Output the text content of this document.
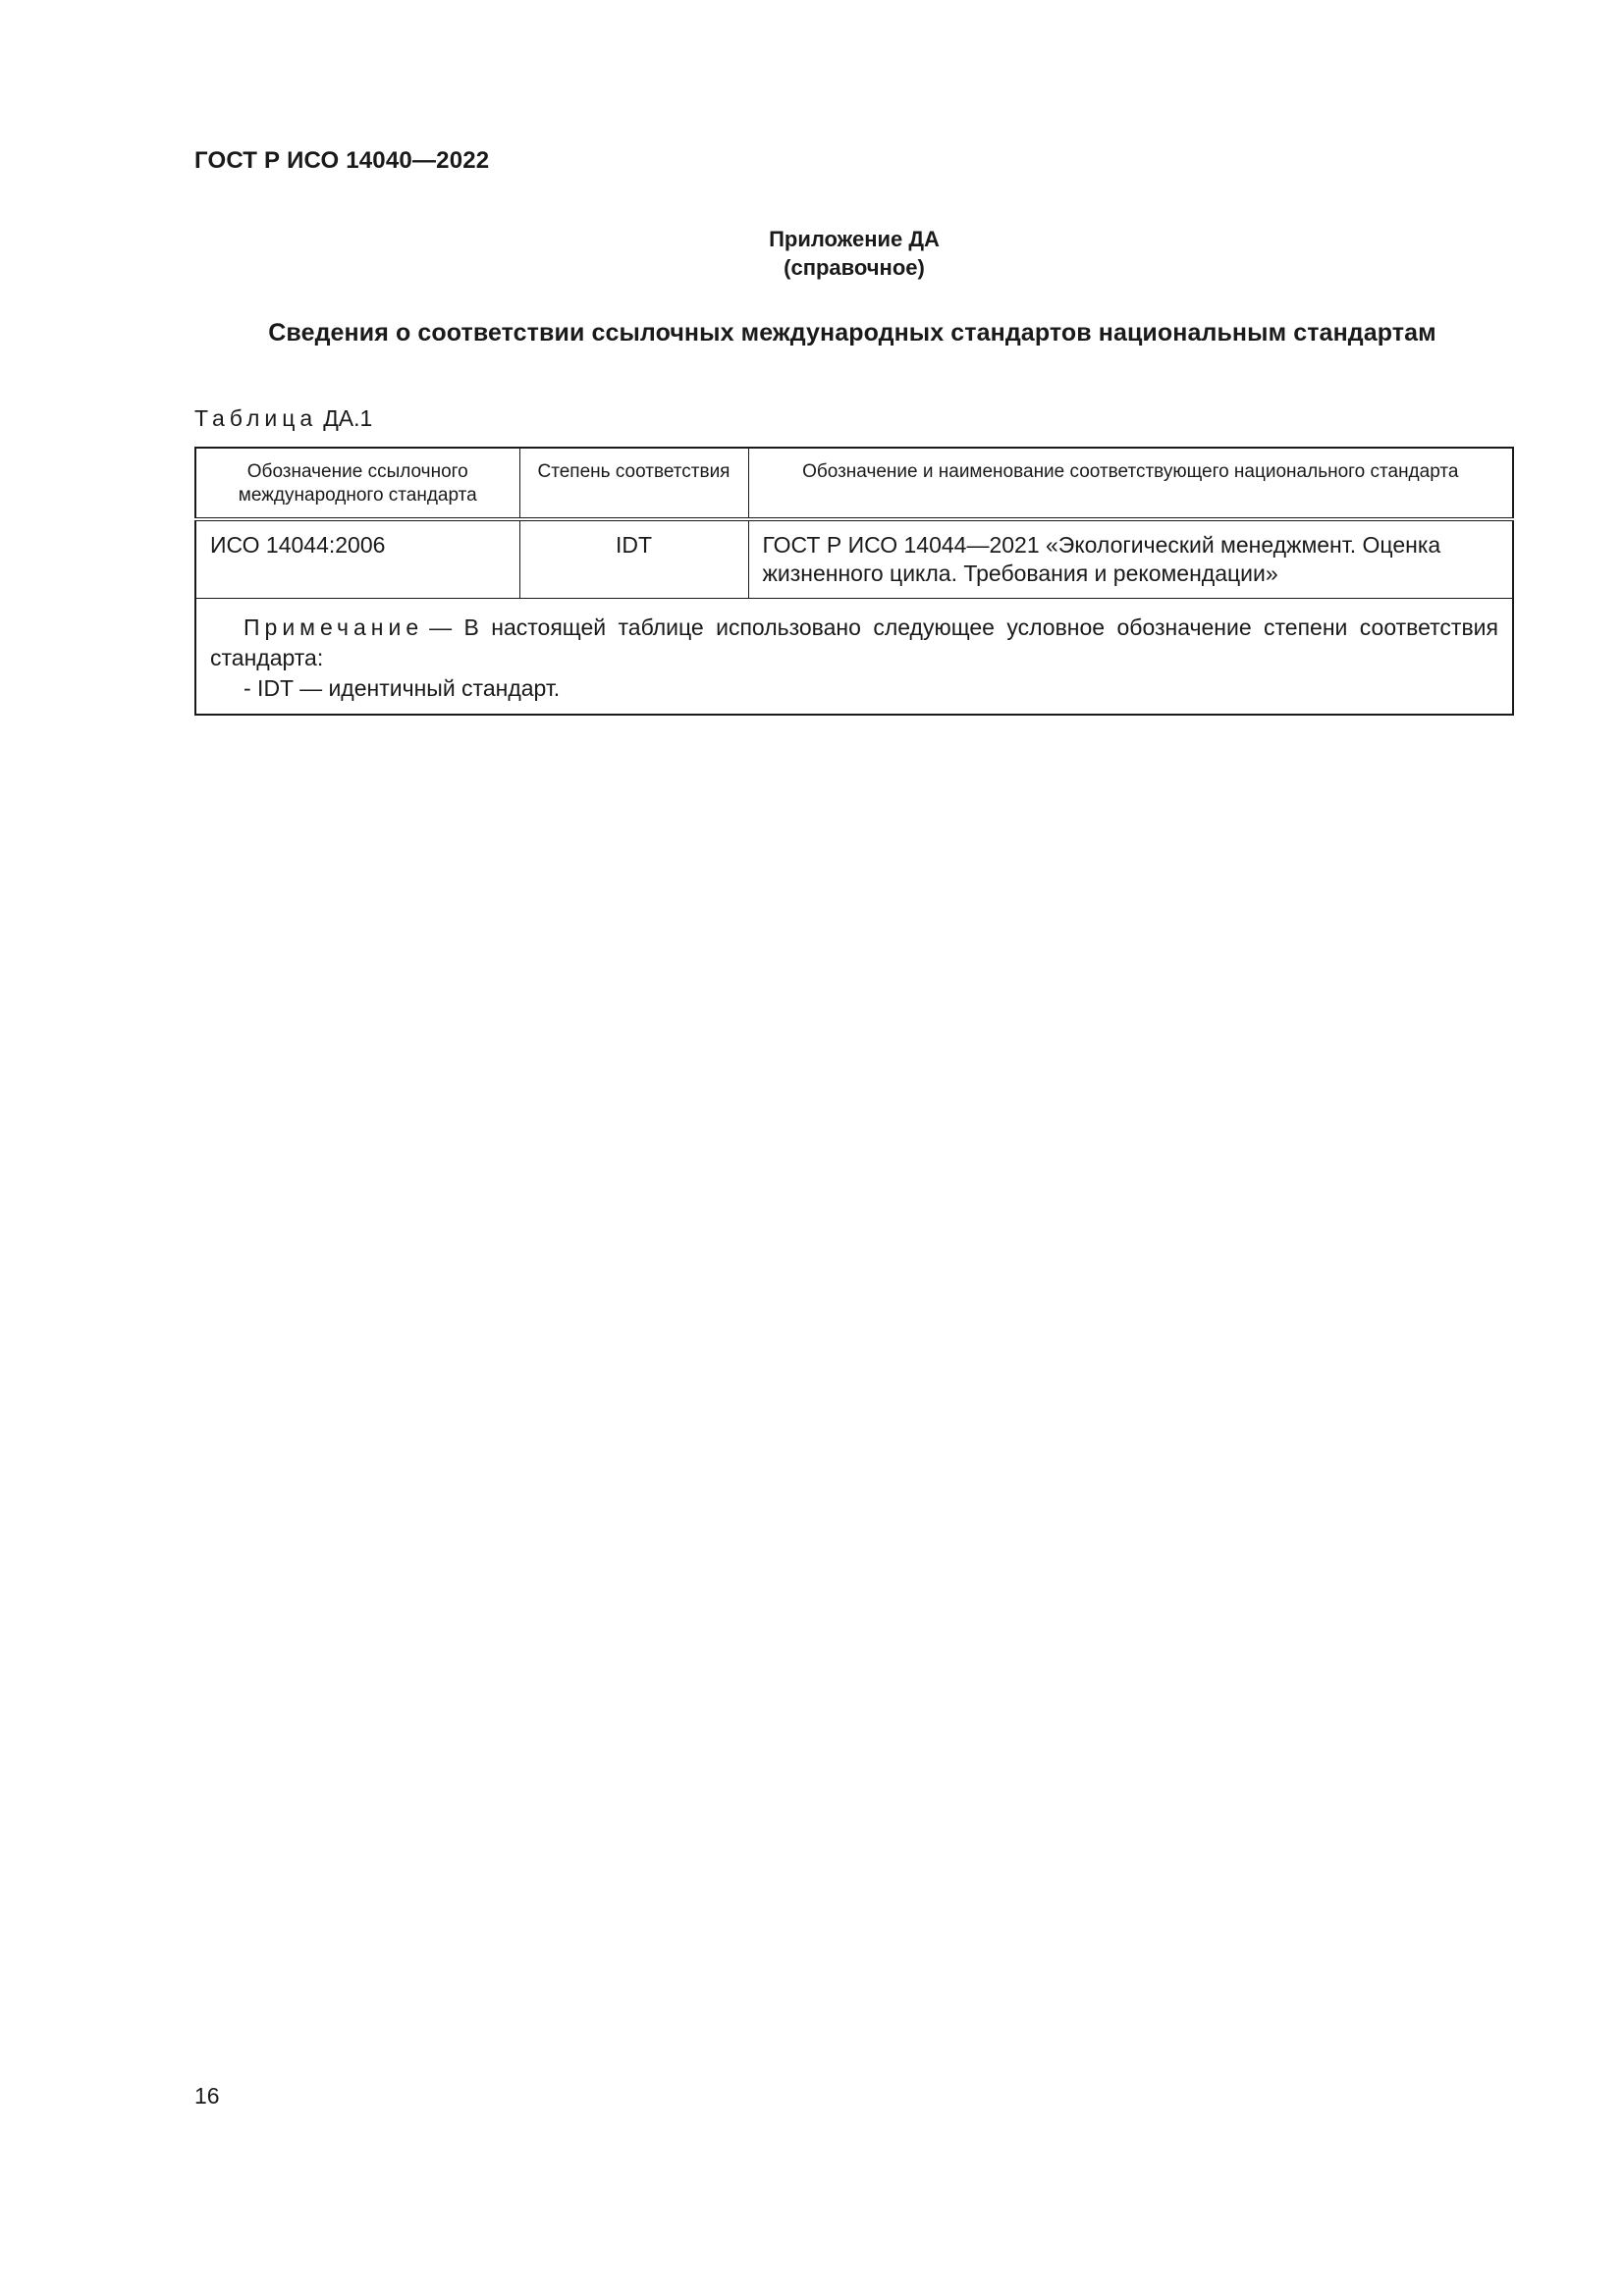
ГОСТ Р ИСО 14040—2022
Приложение ДА
(справочное)
Сведения о соответствии ссылочных международных стандартов национальным стандартам
Таблица ДА.1
Обозначение ссылочного международного стандарта	Степень соответствия	Обозначение и наименование соответствующего национального стандарта
ИСО 14044:2006	IDT	ГОСТ Р ИСО 14044—2021 «Экологический менеджмент. Оценка жизненного цикла. Требования и рекомендации»
Примечание — В настоящей таблице использовано следующее условное обозначение степени соответствия стандарта:
- IDT — идентичный стандарт.		
16
